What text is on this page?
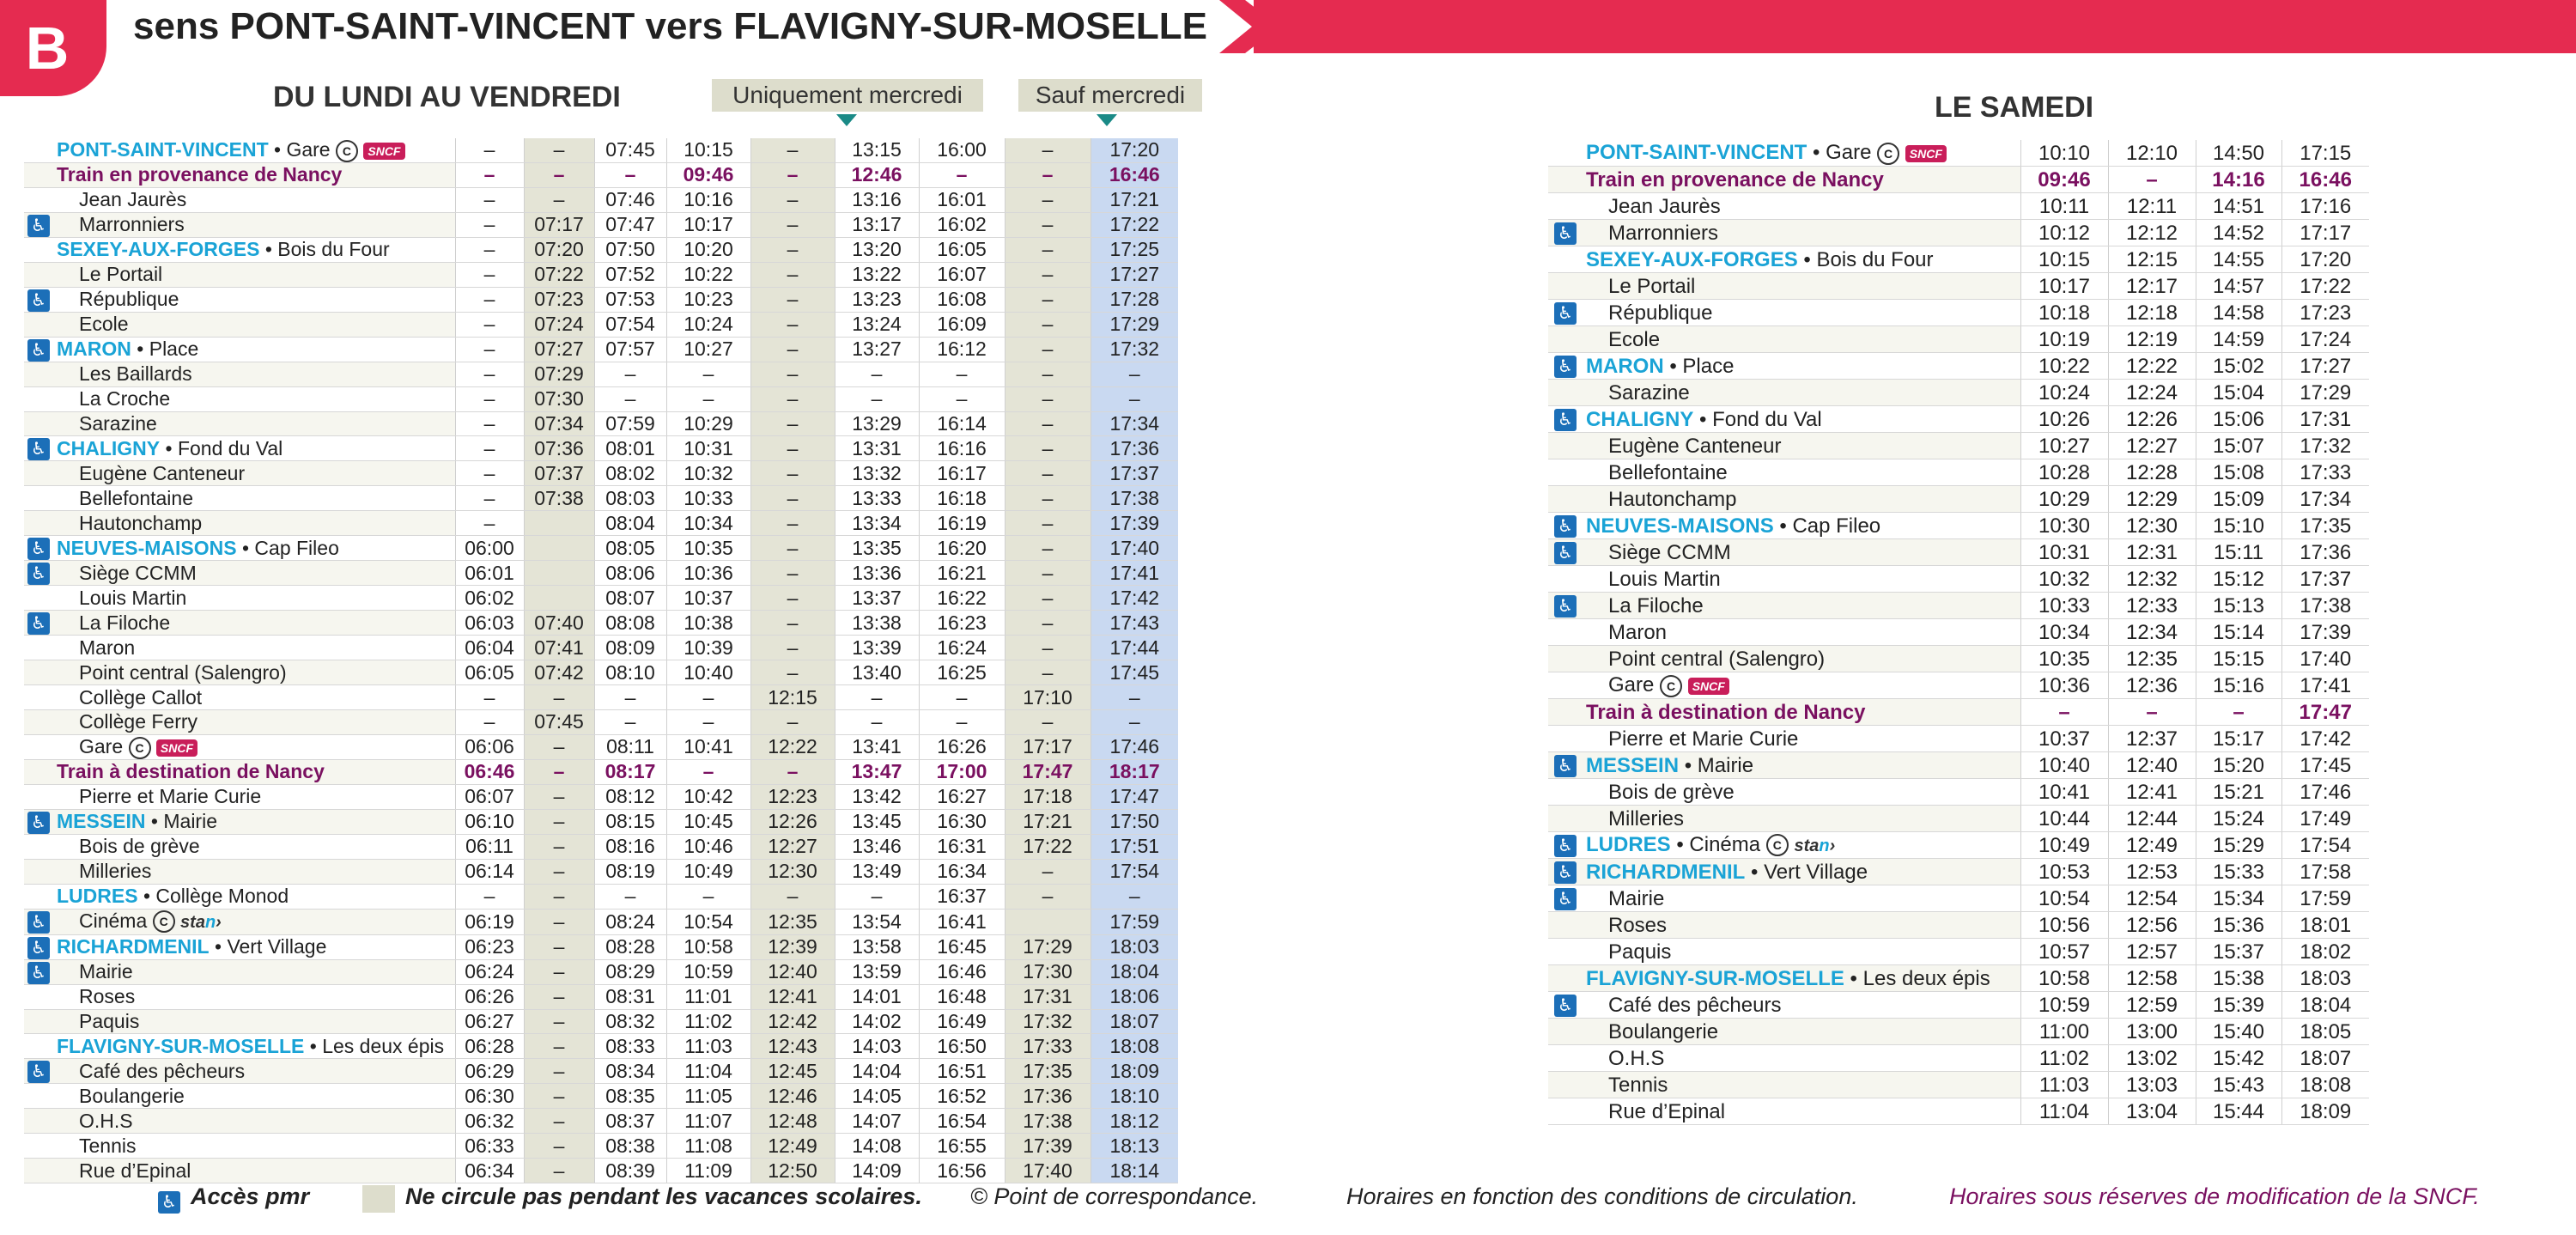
B	sens PONT-SAINT-VINCENT vers FLAVIGNY-SUR-MOSELLE
DU LUNDI AU VENDREDI	Uniquement mercredi	Sauf mercredi	LE SAMEDI
	PONT-SAINT-VINCENT • Gare C SNCF	–	–	07:45	10:15	–	13:15	16:00	–	17:20
	Train en provenance de Nancy	–	–	–	09:46	–	12:46	–	–	16:46
	Jean Jaurès	–	–	07:46	10:16	–	13:16	16:01	–	17:21
♿	Marronniers	–	07:17	07:47	10:17	–	13:17	16:02	–	17:22
	SEXEY-AUX-FORGES • Bois du Four	–	07:20	07:50	10:20	–	13:20	16:05	–	17:25
	Le Portail	–	07:22	07:52	10:22	–	13:22	16:07	–	17:27
♿	République	–	07:23	07:53	10:23	–	13:23	16:08	–	17:28
	Ecole	–	07:24	07:54	10:24	–	13:24	16:09	–	17:29
♿	MARON • Place	–	07:27	07:57	10:27	–	13:27	16:12	–	17:32
	Les Baillards	–	07:29	–	–	–	–	–	–	–
	La Croche	–	07:30	–	–	–	–	–	–	–
	Sarazine	–	07:34	07:59	10:29	–	13:29	16:14	–	17:34
♿	CHALIGNY • Fond du Val	–	07:36	08:01	10:31	–	13:31	16:16	–	17:36
	Eugène Canteneur	–	07:37	08:02	10:32	–	13:32	16:17	–	17:37
	Bellefontaine	–	07:38	08:03	10:33	–	13:33	16:18	–	17:38
	Hautonchamp	–		08:04	10:34	–	13:34	16:19	–	17:39
♿	NEUVES-MAISONS • Cap Fileo	06:00		08:05	10:35	–	13:35	16:20	–	17:40
♿	Siège CCMM	06:01		08:06	10:36	–	13:36	16:21	–	17:41
	Louis Martin	06:02		08:07	10:37	–	13:37	16:22	–	17:42
♿	La Filoche	06:03	07:40	08:08	10:38	–	13:38	16:23	–	17:43
	Maron	06:04	07:41	08:09	10:39	–	13:39	16:24	–	17:44
	Point central (Salengro)	06:05	07:42	08:10	10:40	–	13:40	16:25	–	17:45
	Collège Callot	–	–	–	–	12:15	–	–	17:10	–
	Collège Ferry	–	07:45	–	–	–	–	–	–	–
	Gare C SNCF	06:06	–	08:11	10:41	12:22	13:41	16:26	17:17	17:46
	Train à destination de Nancy	06:46	–	08:17	–	–	13:47	17:00	17:47	18:17
	Pierre et Marie Curie	06:07	–	08:12	10:42	12:23	13:42	16:27	17:18	17:47
♿	MESSEIN • Mairie	06:10	–	08:15	10:45	12:26	13:45	16:30	17:21	17:50
	Bois de grève	06:11	–	08:16	10:46	12:27	13:46	16:31	17:22	17:51
	Milleries	06:14	–	08:19	10:49	12:30	13:49	16:34	–	17:54
	LUDRES • Collège Monod	–	–	–	–	–	–	16:37	–	–
♿	Cinéma C stan›	06:19	–	08:24	10:54	12:35	13:54	16:41		17:59
♿	RICHARDMENIL • Vert Village	06:23	–	08:28	10:58	12:39	13:58	16:45	17:29	18:03
♿	Mairie	06:24	–	08:29	10:59	12:40	13:59	16:46	17:30	18:04
	Roses	06:26	–	08:31	11:01	12:41	14:01	16:48	17:31	18:06
	Paquis	06:27	–	08:32	11:02	12:42	14:02	16:49	17:32	18:07
	FLAVIGNY-SUR-MOSELLE • Les deux épis	06:28	–	08:33	11:03	12:43	14:03	16:50	17:33	18:08
♿	Café des pêcheurs	06:29	–	08:34	11:04	12:45	14:04	16:51	17:35	18:09
	Boulangerie	06:30	–	08:35	11:05	12:46	14:05	16:52	17:36	18:10
	O.H.S	06:32	–	08:37	11:07	12:48	14:07	16:54	17:38	18:12
	Tennis	06:33	–	08:38	11:08	12:49	14:08	16:55	17:39	18:13
	Rue d’Epinal	06:34	–	08:39	11:09	12:50	14:09	16:56	17:40	18:14
	PONT-SAINT-VINCENT • Gare C SNCF	10:10	12:10	14:50	17:15
	Train en provenance de Nancy	09:46	–	14:16	16:46
	Jean Jaurès	10:11	12:11	14:51	17:16
♿	Marronniers	10:12	12:12	14:52	17:17
	SEXEY-AUX-FORGES • Bois du Four	10:15	12:15	14:55	17:20
	Le Portail	10:17	12:17	14:57	17:22
♿	République	10:18	12:18	14:58	17:23
	Ecole	10:19	12:19	14:59	17:24
♿	MARON • Place	10:22	12:22	15:02	17:27
	Sarazine	10:24	12:24	15:04	17:29
♿	CHALIGNY • Fond du Val	10:26	12:26	15:06	17:31
	Eugène Canteneur	10:27	12:27	15:07	17:32
	Bellefontaine	10:28	12:28	15:08	17:33
	Hautonchamp	10:29	12:29	15:09	17:34
♿	NEUVES-MAISONS • Cap Fileo	10:30	12:30	15:10	17:35
♿	Siège CCMM	10:31	12:31	15:11	17:36
	Louis Martin	10:32	12:32	15:12	17:37
♿	La Filoche	10:33	12:33	15:13	17:38
	Maron	10:34	12:34	15:14	17:39
	Point central (Salengro)	10:35	12:35	15:15	17:40
	Gare C SNCF	10:36	12:36	15:16	17:41
	Train à destination de Nancy	–	–	–	17:47
	Pierre et Marie Curie	10:37	12:37	15:17	17:42
♿	MESSEIN • Mairie	10:40	12:40	15:20	17:45
	Bois de grève	10:41	12:41	15:21	17:46
	Milleries	10:44	12:44	15:24	17:49
♿	LUDRES • Cinéma C stan›	10:49	12:49	15:29	17:54
♿	RICHARDMENIL • Vert Village	10:53	12:53	15:33	17:58
♿	Mairie	10:54	12:54	15:34	17:59
	Roses	10:56	12:56	15:36	18:01
	Paquis	10:57	12:57	15:37	18:02
	FLAVIGNY-SUR-MOSELLE • Les deux épis	10:58	12:58	15:38	18:03
♿	Café des pêcheurs	10:59	12:59	15:39	18:04
	Boulangerie	11:00	13:00	15:40	18:05
	O.H.S	11:02	13:02	15:42	18:07
	Tennis	11:03	13:03	15:43	18:08
	Rue d’Epinal	11:04	13:04	15:44	18:09
♿ Accès pmr	Ne circule pas pendant les vacances scolaires. © Point de correspondance.	Horaires en fonction des conditions de circulation.	Horaires sous réserves de modification de la SNCF.
